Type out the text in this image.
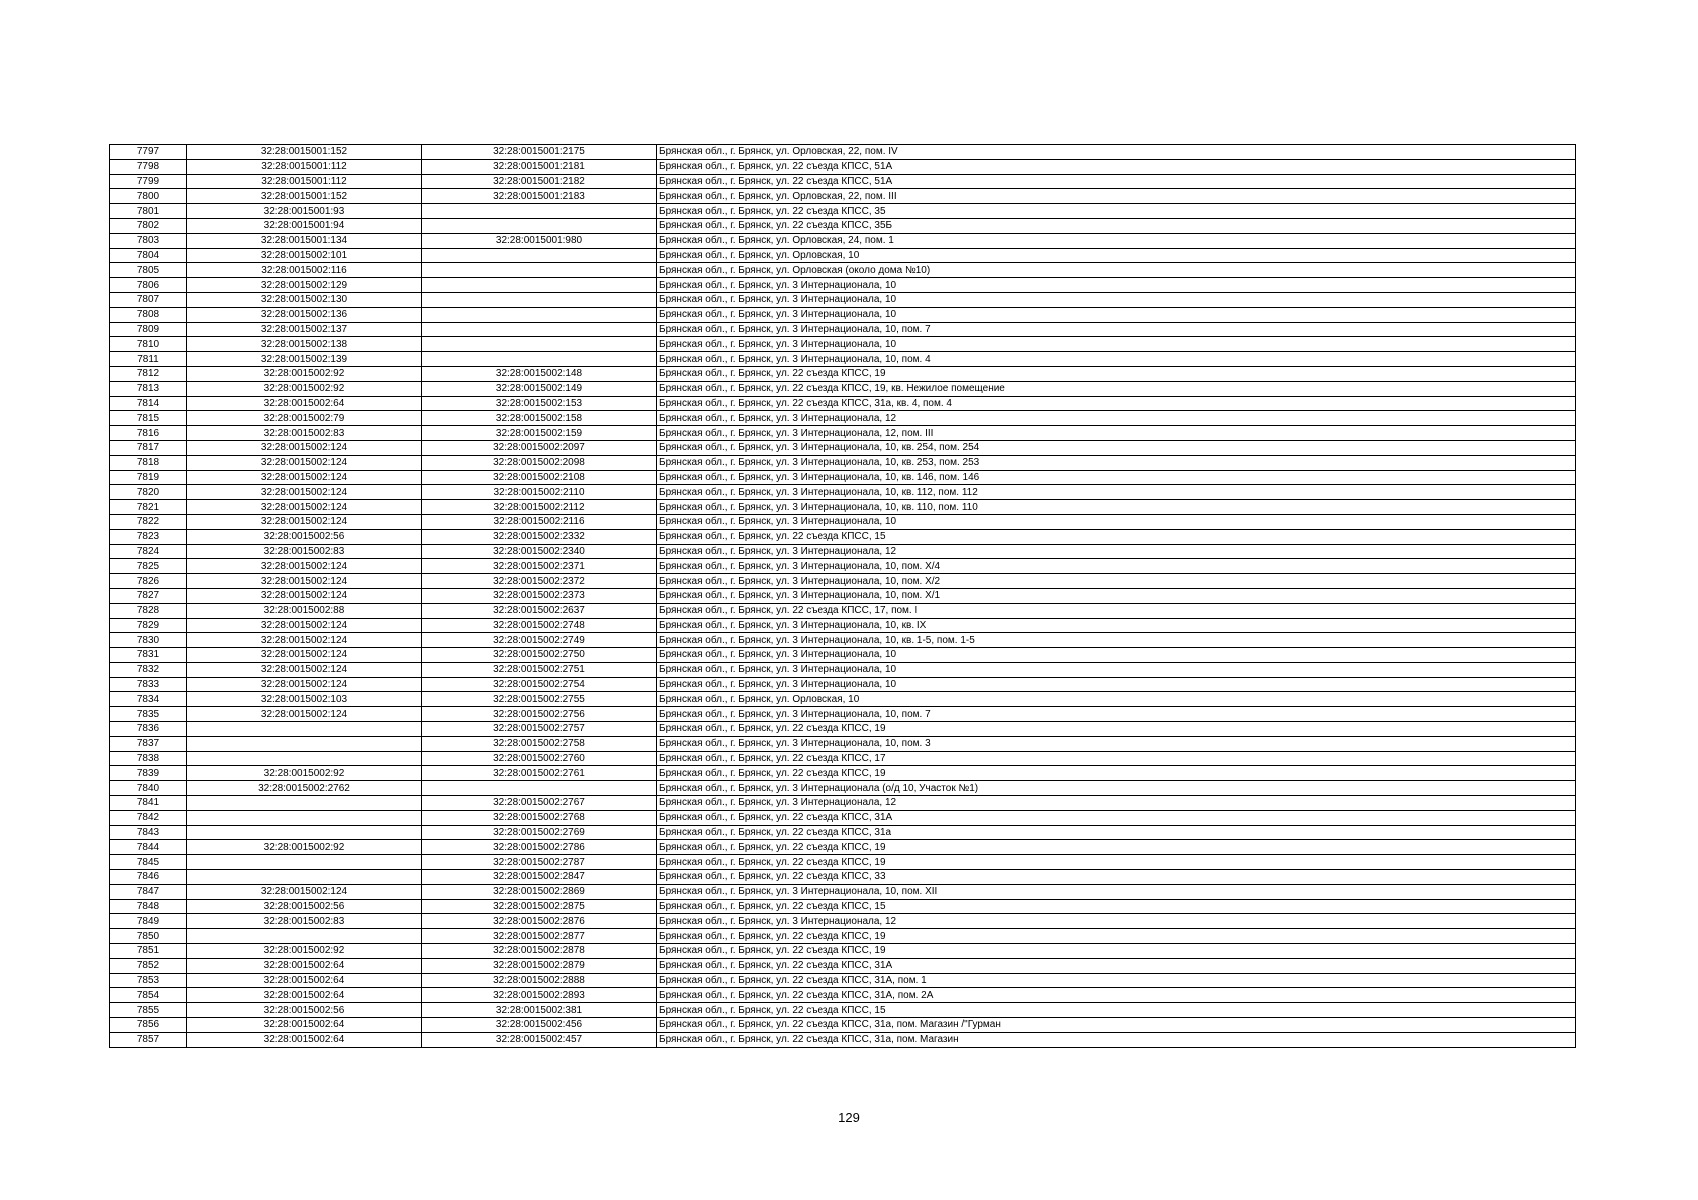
7797	32:28:0015001:152	32:28:0015001:2175	Брянская обл., г. Брянск, ул. Орловская, 22, пом. IV
7798	32:28:0015001:112	32:28:0015001:2181	Брянская обл., г. Брянск, ул. 22 съезда КПСС, 51А
7799	32:28:0015001:112	32:28:0015001:2182	Брянская обл., г. Брянск, ул. 22 съезда КПСС, 51А
7800	32:28:0015001:152	32:28:0015001:2183	Брянская обл., г. Брянск, ул. Орловская, 22, пом. III
7801	32:28:0015001:93		Брянская обл., г. Брянск, ул. 22 съезда КПСС, 35
7802	32:28:0015001:94		Брянская обл., г. Брянск, ул. 22 съезда КПСС, 35Б
7803	32:28:0015001:134	32:28:0015001:980	Брянская обл., г. Брянск, ул. Орловская, 24, пом. 1
7804	32:28:0015002:101		Брянская обл., г. Брянск, ул. Орловская, 10
7805	32:28:0015002:116		Брянская обл., г. Брянск, ул. Орловская (около дома №10)
7806	32:28:0015002:129		Брянская обл., г. Брянск, ул. 3 Интернационала, 10
7807	32:28:0015002:130		Брянская обл., г. Брянск, ул. 3 Интернационала, 10
7808	32:28:0015002:136		Брянская обл., г. Брянск, ул. 3 Интернационала, 10
7809	32:28:0015002:137		Брянская обл., г. Брянск, ул. 3 Интернационала, 10, пом. 7
7810	32:28:0015002:138		Брянская обл., г. Брянск, ул. 3 Интернационала, 10
7811	32:28:0015002:139		Брянская обл., г. Брянск, ул. 3 Интернационала, 10, пом. 4
7812	32:28:0015002:92	32:28:0015002:148	Брянская обл., г. Брянск, ул. 22 съезда КПСС, 19
7813	32:28:0015002:92	32:28:0015002:149	Брянская обл., г. Брянск, ул. 22 съезда КПСС, 19, кв. Нежилое помещение
7814	32:28:0015002:64	32:28:0015002:153	Брянская обл., г. Брянск, ул. 22 съезда КПСС, 31а, кв. 4, пом. 4
7815	32:28:0015002:79	32:28:0015002:158	Брянская обл., г. Брянск, ул. 3 Интернационала, 12
7816	32:28:0015002:83	32:28:0015002:159	Брянская обл., г. Брянск, ул. 3 Интернационала, 12, пом. III
7817	32:28:0015002:124	32:28:0015002:2097	Брянская обл., г. Брянск, ул. 3 Интернационала, 10, кв. 254, пом. 254
7818	32:28:0015002:124	32:28:0015002:2098	Брянская обл., г. Брянск, ул. 3 Интернационала, 10, кв. 253, пом. 253
7819	32:28:0015002:124	32:28:0015002:2108	Брянская обл., г. Брянск, ул. 3 Интернационала, 10, кв. 146, пом. 146
7820	32:28:0015002:124	32:28:0015002:2110	Брянская обл., г. Брянск, ул. 3 Интернационала, 10, кв. 112, пом. 112
7821	32:28:0015002:124	32:28:0015002:2112	Брянская обл., г. Брянск, ул. 3 Интернационала, 10, кв. 110, пом. 110
7822	32:28:0015002:124	32:28:0015002:2116	Брянская обл., г. Брянск, ул. 3 Интернационала, 10
7823	32:28:0015002:56	32:28:0015002:2332	Брянская обл., г. Брянск, ул. 22 съезда КПСС, 15
7824	32:28:0015002:83	32:28:0015002:2340	Брянская обл., г. Брянск, ул. 3 Интернационала, 12
7825	32:28:0015002:124	32:28:0015002:2371	Брянская обл., г. Брянск, ул. 3 Интернационала, 10, пом. Х/4
7826	32:28:0015002:124	32:28:0015002:2372	Брянская обл., г. Брянск, ул. 3 Интернационала, 10, пом. Х/2
7827	32:28:0015002:124	32:28:0015002:2373	Брянская обл., г. Брянск, ул. 3 Интернационала, 10, пом. Х/1
7828	32:28:0015002:88	32:28:0015002:2637	Брянская обл., г. Брянск, ул. 22 съезда КПСС, 17, пом. I
7829	32:28:0015002:124	32:28:0015002:2748	Брянская обл., г. Брянск, ул. 3 Интернационала, 10, кв. IX
7830	32:28:0015002:124	32:28:0015002:2749	Брянская обл., г. Брянск, ул. 3 Интернационала, 10, кв. 1-5, пом. 1-5
7831	32:28:0015002:124	32:28:0015002:2750	Брянская обл., г. Брянск, ул. 3 Интернационала, 10
7832	32:28:0015002:124	32:28:0015002:2751	Брянская обл., г. Брянск, ул. 3 Интернационала, 10
7833	32:28:0015002:124	32:28:0015002:2754	Брянская обл., г. Брянск, ул. 3 Интернационала, 10
7834	32:28:0015002:103	32:28:0015002:2755	Брянская обл., г. Брянск, ул. Орловская, 10
7835	32:28:0015002:124	32:28:0015002:2756	Брянская обл., г. Брянск, ул. 3 Интернационала, 10, пом. 7
7836		32:28:0015002:2757	Брянская обл., г. Брянск, ул. 22 съезда КПСС, 19
7837		32:28:0015002:2758	Брянская обл., г. Брянск, ул. 3 Интернационала, 10, пом. 3
7838		32:28:0015002:2760	Брянская обл., г. Брянск, ул. 22 съезда КПСС, 17
7839	32:28:0015002:92	32:28:0015002:2761	Брянская обл., г. Брянск, ул. 22 съезда КПСС, 19
7840	32:28:0015002:2762		Брянская обл., г. Брянск, ул. 3 Интернационала (о/д 10, Участок №1)
7841		32:28:0015002:2767	Брянская обл., г. Брянск, ул. 3 Интернационала, 12
7842		32:28:0015002:2768	Брянская обл., г. Брянск, ул. 22 съезда КПСС, 31А
7843		32:28:0015002:2769	Брянская обл., г. Брянск, ул. 22 съезда КПСС, 31а
7844	32:28:0015002:92	32:28:0015002:2786	Брянская обл., г. Брянск, ул. 22 съезда КПСС, 19
7845		32:28:0015002:2787	Брянская обл., г. Брянск, ул. 22 съезда КПСС, 19
7846		32:28:0015002:2847	Брянская обл., г. Брянск, ул. 22 съезда КПСС, 33
7847	32:28:0015002:124	32:28:0015002:2869	Брянская обл., г. Брянск, ул. 3 Интернационала, 10, пом. XII
7848	32:28:0015002:56	32:28:0015002:2875	Брянская обл., г. Брянск, ул. 22 съезда КПСС, 15
7849	32:28:0015002:83	32:28:0015002:2876	Брянская обл., г. Брянск, ул. 3 Интернационала, 12
7850		32:28:0015002:2877	Брянская обл., г. Брянск, ул. 22 съезда КПСС, 19
7851	32:28:0015002:92	32:28:0015002:2878	Брянская обл., г. Брянск, ул. 22 съезда КПСС, 19
7852	32:28:0015002:64	32:28:0015002:2879	Брянская обл., г. Брянск, ул. 22 съезда КПСС, 31А
7853	32:28:0015002:64	32:28:0015002:2888	Брянская обл., г. Брянск, ул. 22 съезда КПСС, 31А, пом. 1
7854	32:28:0015002:64	32:28:0015002:2893	Брянская обл., г. Брянск, ул. 22 съезда КПСС, 31А, пом. 2А
7855	32:28:0015002:56	32:28:0015002:381	Брянская обл., г. Брянск, ул. 22 съезда КПСС, 15
7856	32:28:0015002:64	32:28:0015002:456	Брянская обл., г. Брянск, ул. 22 съезда КПСС, 31а, пом. Магазин /"Гурман
7857	32:28:0015002:64	32:28:0015002:457	Брянская обл., г. Брянск, ул. 22 съезда КПСС, 31а, пом. Магазин
129
